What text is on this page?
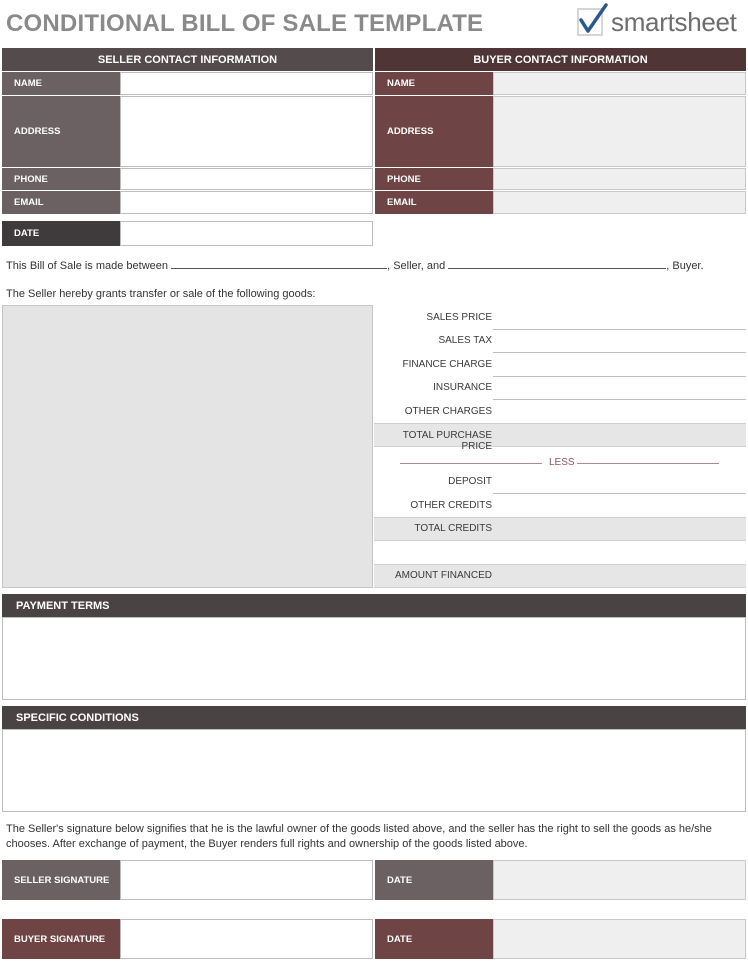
CONDITIONAL BILL OF SALE TEMPLATE	smartsheet
SELLER CONTACT INFORMATION	BUYER CONTACT INFORMATION
NAME
ADDRESS
PHONE
EMAIL
NAME
ADDRESS
PHONE
EMAIL
DATE
This Bill of Sale is made between	, Seller, and	, Buyer.
The Seller hereby grants transfer or sale of the following goods:
SALES PRICE
SALES TAX
FINANCE CHARGE
INSURANCE
OTHER CHARGES
TOTAL PURCHASE PRICE
LESS
DEPOSIT
OTHER CREDITS
TOTAL CREDITS
AMOUNT FINANCED
PAYMENT TERMS
SPECIFIC CONDITIONS
The Seller's signature below signifies that he is the lawful owner of the goods listed above, and the seller has the right to sell the goods as he/she chooses. After exchange of payment, the Buyer renders full rights and ownership of the goods listed above.
SELLER SIGNATURE	DATE
BUYER SIGNATURE	DATE
